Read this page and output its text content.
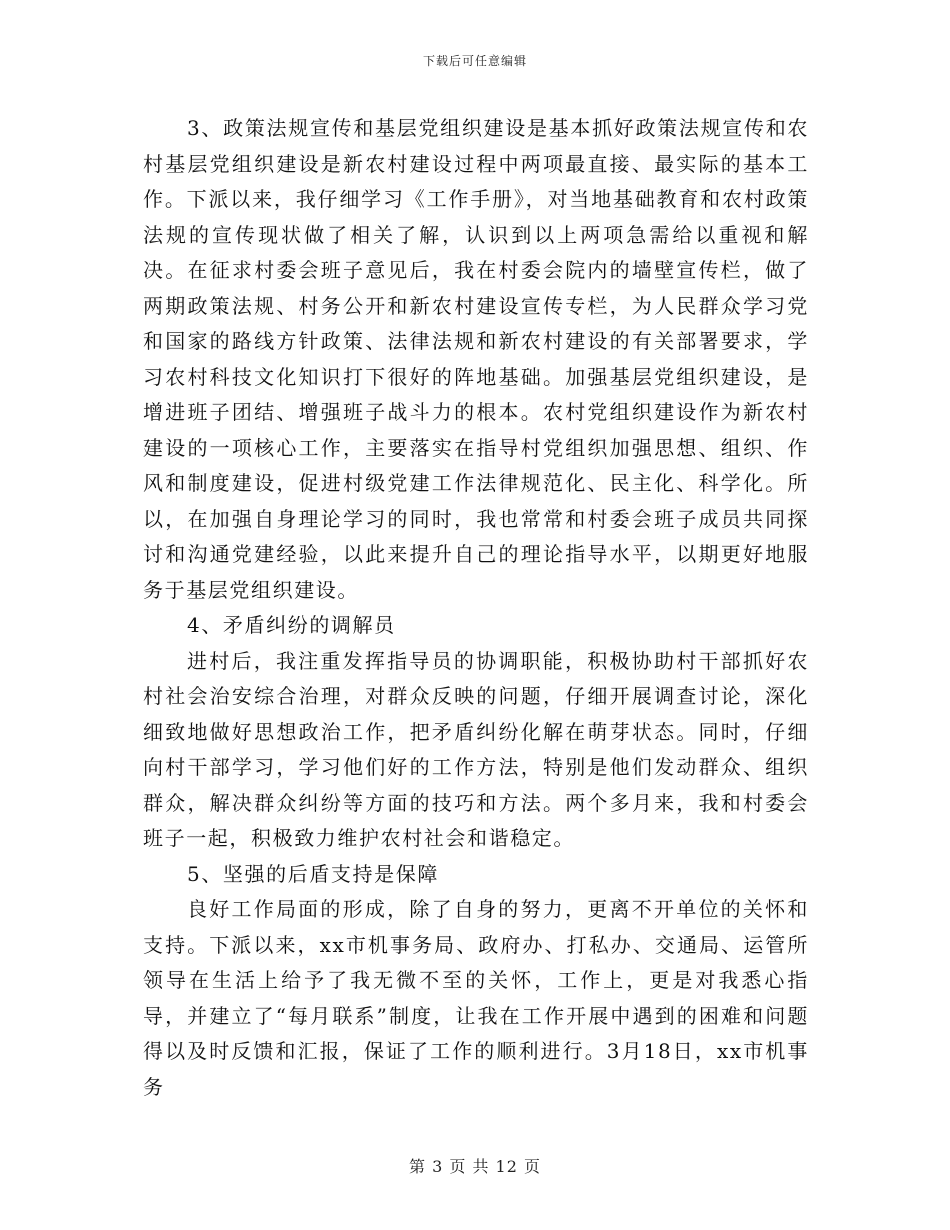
下载后可任意编辑

3、政策法规宣传和基层党组织建设是基本抓好政策法规宣传和农村基层党组织建设是新农村建设过程中两项最直接、最实际的基本工作。下派以来，我仔细学习《工作手册》，对当地基础教育和农村政策法规的宣传现状做了相关了解，认识到以上两项急需给以重视和解决。在征求村委会班子意见后，我在村委会院内的墙壁宣传栏，做了两期政策法规、村务公开和新农村建设宣传专栏，为人民群众学习党和国家的路线方针政策、法律法规和新农村建设的有关部署要求，学习农村科技文化知识打下很好的阵地基础。加强基层党组织建设，是增进班子团结、增强班子战斗力的根本。农村党组织建设作为新农村建设的一项核心工作，主要落实在指导村党组织加强思想、组织、作风和制度建设，促进村级党建工作法律规范化、民主化、科学化。所以，在加强自身理论学习的同时，我也常常和村委会班子成员共同探讨和沟通党建经验，以此来提升自己的理论指导水平，以期更好地服务于基层党组织建设。

4、矛盾纠纷的调解员

进村后，我注重发挥指导员的协调职能，积极协助村干部抓好农村社会治安综合治理，对群众反映的问题，仔细开展调查讨论，深化细致地做好思想政治工作，把矛盾纠纷化解在萌芽状态。同时，仔细向村干部学习，学习他们好的工作方法，特别是他们发动群众、组织群众，解决群众纠纷等方面的技巧和方法。两个多月来，我和村委会班子一起，积极致力维护农村社会和谐稳定。

5、坚强的后盾支持是保障

良好工作局面的形成，除了自身的努力，更离不开单位的关怀和支持。下派以来，xx市机事务局、政府办、打私办、交通局、运管所领导在生活上给予了我无微不至的关怀，工作上，更是对我悉心指导，并建立了“每月联系”制度，让我在工作开展中遇到的困难和问题得以及时反馈和汇报，保证了工作的顺利进行。3月18日，xx市机事务

第 3 页 共 12 页
